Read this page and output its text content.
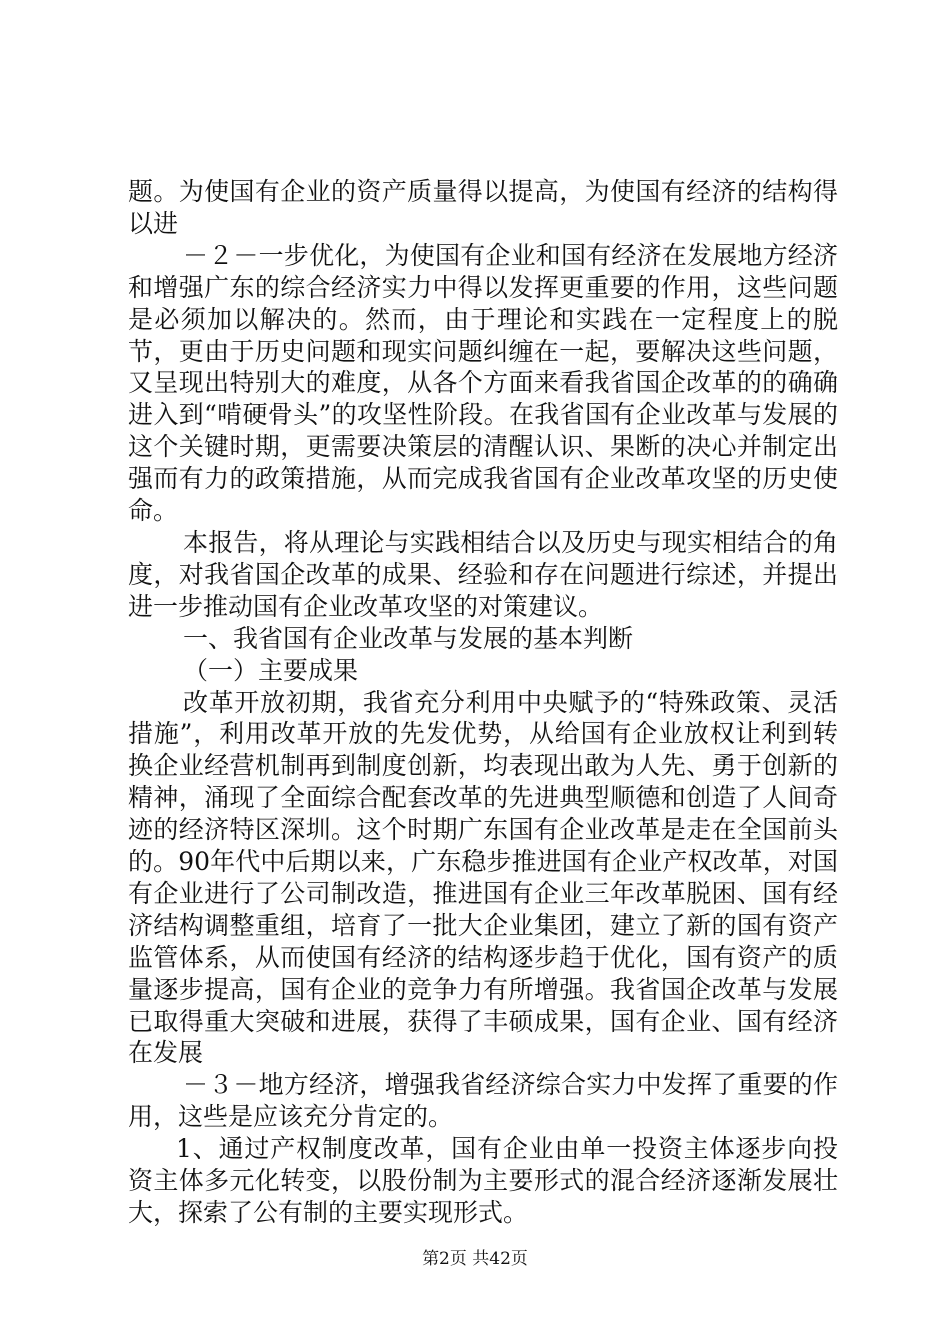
题。为使国有企业的资产质量得以提高，为使国有经济的结构得以进

－２－一步优化，为使国有企业和国有经济在发展地方经济和增强广东的综合经济实力中得以发挥更重要的作用，这些问题是必须加以解决的。然而，由于理论和实践在一定程度上的脱节，更由于历史问题和现实问题纠缠在一起，要解决这些问题，又呈现出特别大的难度，从各个方面来看我省国企改革的的确确进入到“啃硬骨头”的攻坚性阶段。在我省国有企业改革与发展的这个关键时期，更需要决策层的清醒认识、果断的决心并制定出强而有力的政策措施，从而完成我省国有企业改革攻坚的历史使命。

本报告，将从理论与实践相结合以及历史与现实相结合的角度，对我省国企改革的成果、经验和存在问题进行综述，并提出进一步推动国有企业改革攻坚的对策建议。

一、我省国有企业改革与发展的基本判断

（一）主要成果

改革开放初期，我省充分利用中央赋予的“特殊政策、灵活措施”，利用改革开放的先发优势，从给国有企业放权让利到转换企业经营机制再到制度创新，均表现出敢为人先、勇于创新的精神，涌现了全面综合配套改革的先进典型顺德和创造了人间奇迹的经济特区深圳。这个时期广东国有企业改革是走在全国前头的。90年代中后期以来，广东稳步推进国有企业产权改革，对国有企业进行了公司制改造，推进国有企业三年改革脱困、国有经济结构调整重组，培育了一批大企业集团，建立了新的国有资产监管体系，从而使国有经济的结构逐步趋于优化，国有资产的质量逐步提高，国有企业的竞争力有所增强。我省国企改革与发展已取得重大突破和进展，获得了丰硕成果，国有企业、国有经济在发展

－３－地方经济，增强我省经济综合实力中发挥了重要的作用，这些是应该充分肯定的。

1、通过产权制度改革，国有企业由单一投资主体逐步向投资主体多元化转变，以股份制为主要形式的混合经济逐渐发展壮大，探索了公有制的主要实现形式。

第2页 共42页
